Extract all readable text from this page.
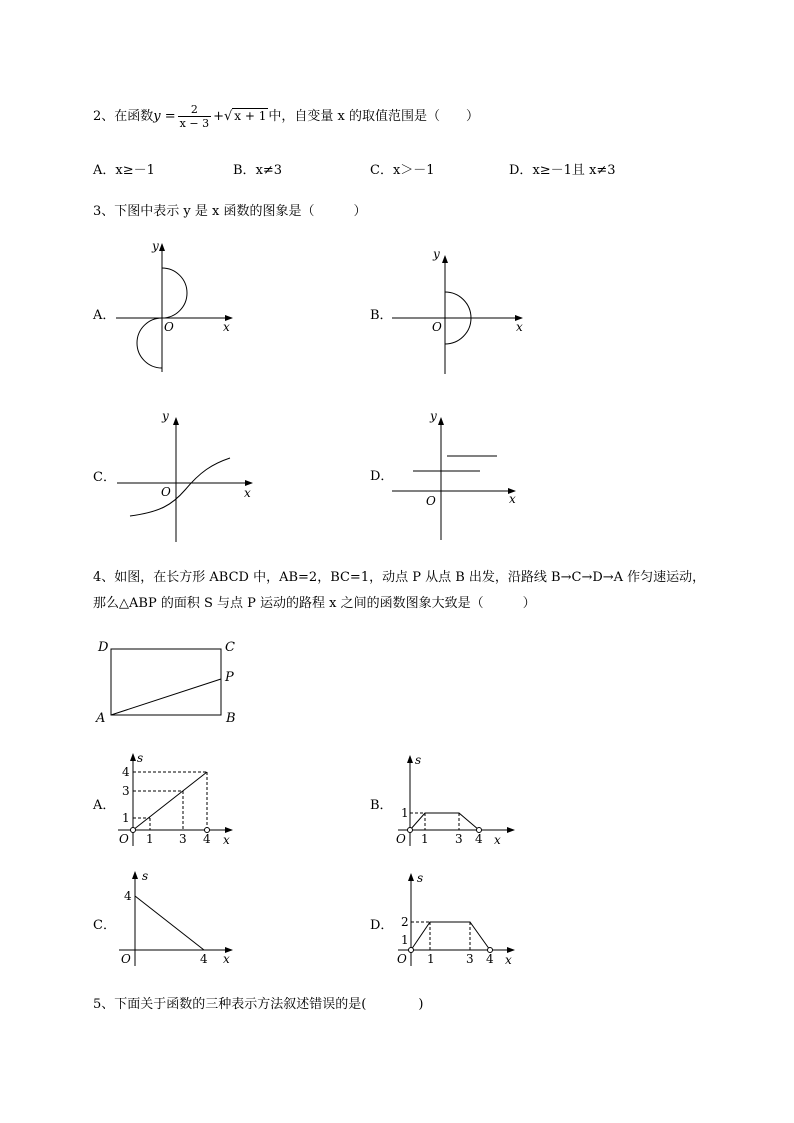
2、在函数$y = \frac{2}{x - 3}$ +√ x + 1 中，自变量 x 的取值范围是（　　）
A．x≥－1	B．x≠3	C．x＞－1	D．x≥－1且 x≠3
3、下图中表示 y 是 x 函数的图象是（　　　）
A．	B．
C．	D．
x
y
O	x
y
O
x
y
O	x
y
O
D	C
P
A	B
s
x
O
4
3
1
1 3 4
s
x
O
1
1 3 4
s
x
O
4
4
s
x
O
2
1
1	3 4
4、如图，在长方形 ABCD 中，AB=2，BC=1，动点 P 从点 B 出发，沿路线 B→C→D→A 作匀速运动，
那么△ABP 的面积 S 与点 P 运动的路程 x 之间的函数图象大致是（　　　）
A．	B．
C．	D．
5、下面关于函数的三种表示方法叙述错误的是(　　　　)
